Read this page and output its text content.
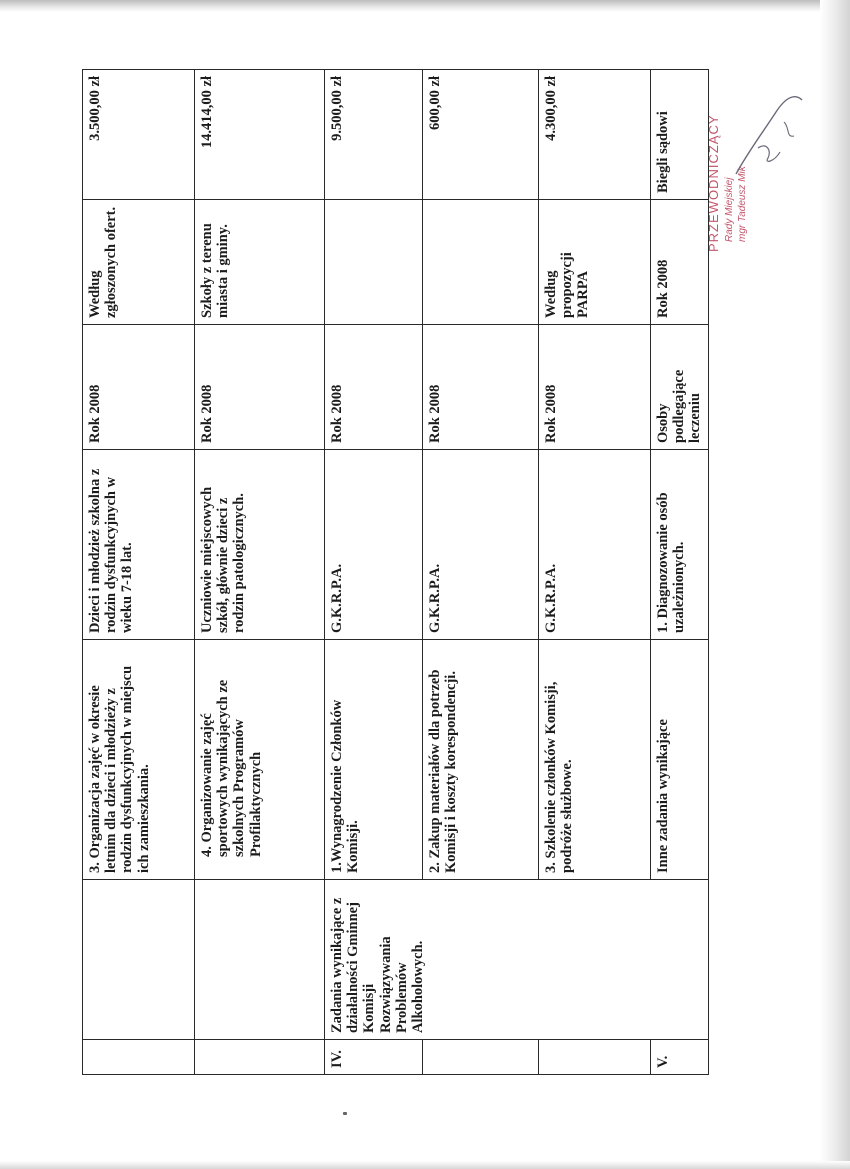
		3. Organizacja zajęć w okresie letnim dla dzieci i młodzieży z rodzin dysfunkcyjnych w miejscu ich zamieszkania.	Dzieci i młodzież szkolna z rodzin dysfunkcyjnych w wieku 7-18 lat.	Rok 2008	Według zgłoszonych ofert.	3.500,00 zł	

		4. Organizowanie zajęć sportowych wynikających ze szkolnych Programów Profilaktycznych	Uczniowie miejscowych szkół, głównie dzieci z rodzin patologicznych.	Rok 2008	Szkoły z terenu miasta i gminy.	14.414,00 zł	

IV.	Zadania wynikające z działalności Gminnej Komisji Rozwiązywania Problemów Alkoholowych.	1.Wynagrodzenie Członków Komisji.	G.K.R.P.A.	Rok 2008		9.500,00 zł	

		2. Zakup materiałów dla potrzeb Komisji i koszty korespondencji.	G.K.R.P.A.	Rok 2008		600,00 zł	

		3. Szkolenie członków Komisji, podróże służbowe.	G.K.R.P.A.	Rok 2008	Według propozycji PARPA	4.300,00 zł	

V.		Inne zadania wynikające	1. Diagnozowanie osób uzależnionych.	Osoby podlegające leczeniu	Rok 2008	Biegli sądowi
		PRZEWODNICZĄCY Rady Miejskiej mgr Tadeusz Mik
